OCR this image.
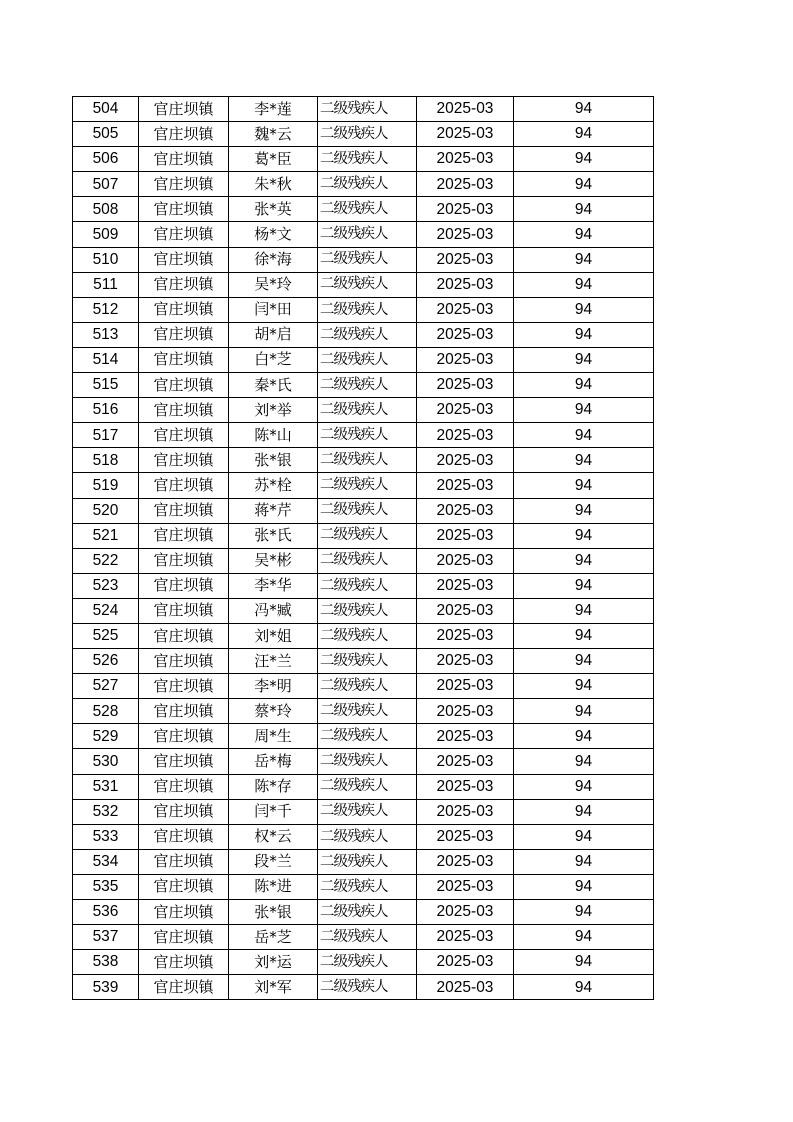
504	官庄坝镇	李*莲	二级残疾人	2025-03	94
505	官庄坝镇	魏*云	二级残疾人	2025-03	94
506	官庄坝镇	葛*臣	二级残疾人	2025-03	94
507	官庄坝镇	朱*秋	二级残疾人	2025-03	94
508	官庄坝镇	张*英	二级残疾人	2025-03	94
509	官庄坝镇	杨*文	二级残疾人	2025-03	94
510	官庄坝镇	徐*海	二级残疾人	2025-03	94
511	官庄坝镇	吴*玲	二级残疾人	2025-03	94
512	官庄坝镇	闫*田	二级残疾人	2025-03	94
513	官庄坝镇	胡*启	二级残疾人	2025-03	94
514	官庄坝镇	白*芝	二级残疾人	2025-03	94
515	官庄坝镇	秦*氏	二级残疾人	2025-03	94
516	官庄坝镇	刘*举	二级残疾人	2025-03	94
517	官庄坝镇	陈*山	二级残疾人	2025-03	94
518	官庄坝镇	张*银	二级残疾人	2025-03	94
519	官庄坝镇	苏*栓	二级残疾人	2025-03	94
520	官庄坝镇	蒋*芹	二级残疾人	2025-03	94
521	官庄坝镇	张*氏	二级残疾人	2025-03	94
522	官庄坝镇	吴*彬	二级残疾人	2025-03	94
523	官庄坝镇	李*华	二级残疾人	2025-03	94
524	官庄坝镇	冯*臧	二级残疾人	2025-03	94
525	官庄坝镇	刘*姐	二级残疾人	2025-03	94
526	官庄坝镇	汪*兰	二级残疾人	2025-03	94
527	官庄坝镇	李*明	二级残疾人	2025-03	94
528	官庄坝镇	蔡*玲	二级残疾人	2025-03	94
529	官庄坝镇	周*生	二级残疾人	2025-03	94
530	官庄坝镇	岳*梅	二级残疾人	2025-03	94
531	官庄坝镇	陈*存	二级残疾人	2025-03	94
532	官庄坝镇	闫*千	二级残疾人	2025-03	94
533	官庄坝镇	权*云	二级残疾人	2025-03	94
534	官庄坝镇	段*兰	二级残疾人	2025-03	94
535	官庄坝镇	陈*进	二级残疾人	2025-03	94
536	官庄坝镇	张*银	二级残疾人	2025-03	94
537	官庄坝镇	岳*芝	二级残疾人	2025-03	94
538	官庄坝镇	刘*运	二级残疾人	2025-03	94
539	官庄坝镇	刘*军	二级残疾人	2025-03	94
